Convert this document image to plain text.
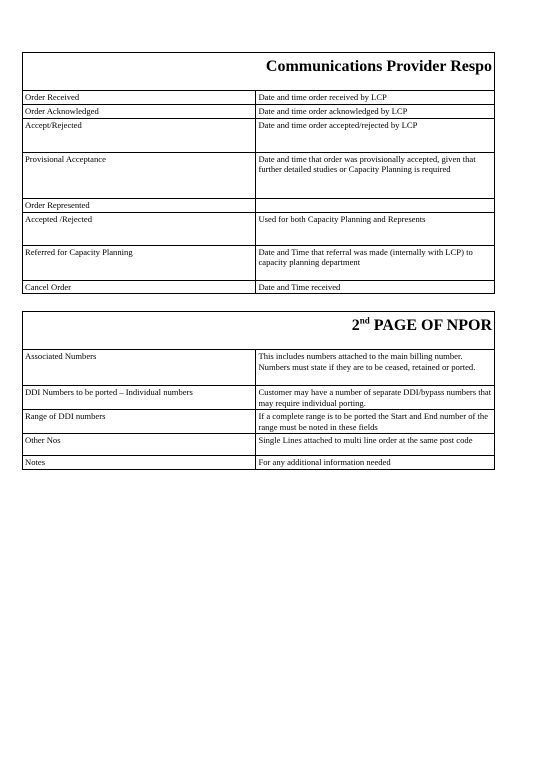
Communications Provider Respo	
Order Received	Date and time order received by LCP
Order Acknowledged	Date and time order acknowledged by LCP
Accept/Rejected	Date and time order accepted/rejected by LCP
Provisional Acceptance	Date and time that order was provisionally accepted, given that further detailed studies or Capacity Planning is required
Order Represented	
Accepted /Rejected	Used for both Capacity Planning and Represents
Referred for Capacity Planning	Date and Time that referral was made (internally with LCP) to capacity planning department
Cancel Order	Date and Time received
2nd PAGE OF NPOR	
Associated Numbers	This includes numbers attached to the main billing number. Numbers must state if they are to be ceased, retained or ported.
DDI Numbers to be ported – Individual numbers	Customer may have a number of separate DDI/bypass numbers that may require individual porting.
Range of DDI numbers	If a complete range is to be ported the Start and End number of the range must be noted in these fields
Other Nos	Single Lines attached to multi line order at the same post code
Notes	For any additional information needed
